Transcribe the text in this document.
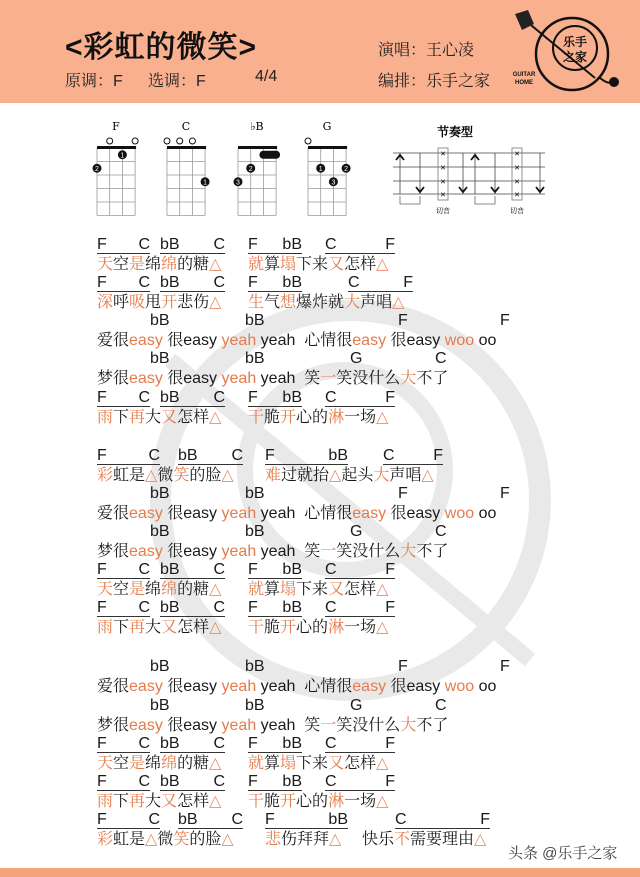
<彩虹的微笑>
原调：F 选调：F	4/4
演唱：王心凌
编排：乐手之家
乐手
之家
GUITAR
HOME
F
1
2
C
1
♭B
2
3
G
1	2
3
节奏型
×
×
×
×
×
×
×
×
切音	切音
F C bB C F bB C	F
天空是绵绵的糖△ 就算塌下来又怎样△
F C bB C F bB	C	F
深呼吸甩开悲伤△ 生气想爆炸就大声唱△
bB	bB	F	F
爱很easy 很easy yeah yeah  心情很easy 很easy woo oo
bB	bB	G	C
梦很easy 很easy yeah yeah  笑一笑没什么大不了
F C bB C F bB C	F
雨下再大又怎样△ 干脆开心的淋一场△
F	C bB C F	bB C F
彩虹是△微笑的脸△ 难过就抬△起头大声唱△
bB	bB	F	F
爱很easy 很easy yeah yeah  心情很easy 很easy woo oo
bB	bB	G	C
梦很easy 很easy yeah yeah  笑一笑没什么大不了
F C bB C F bB C	F
天空是绵绵的糖△ 就算塌下来又怎样△
F C bB C F bB C	F
雨下再大又怎样△ 干脆开心的淋一场△
bB	bB	F	F
爱很easy 很easy yeah yeah  心情很easy 很easy woo oo
bB	bB	G	C
梦很easy 很easy yeah yeah  笑一笑没什么大不了
F C bB C F bB C	F
天空是绵绵的糖△ 就算塌下来又怎样△
F C bB C F bB C	F
雨下再大又怎样△ 干脆开心的淋一场△
F	C bB C F	bB	C	F
彩虹是△微笑的脸△ 悲伤拜拜△ 快乐不需要理由△
头条 @乐手之家
